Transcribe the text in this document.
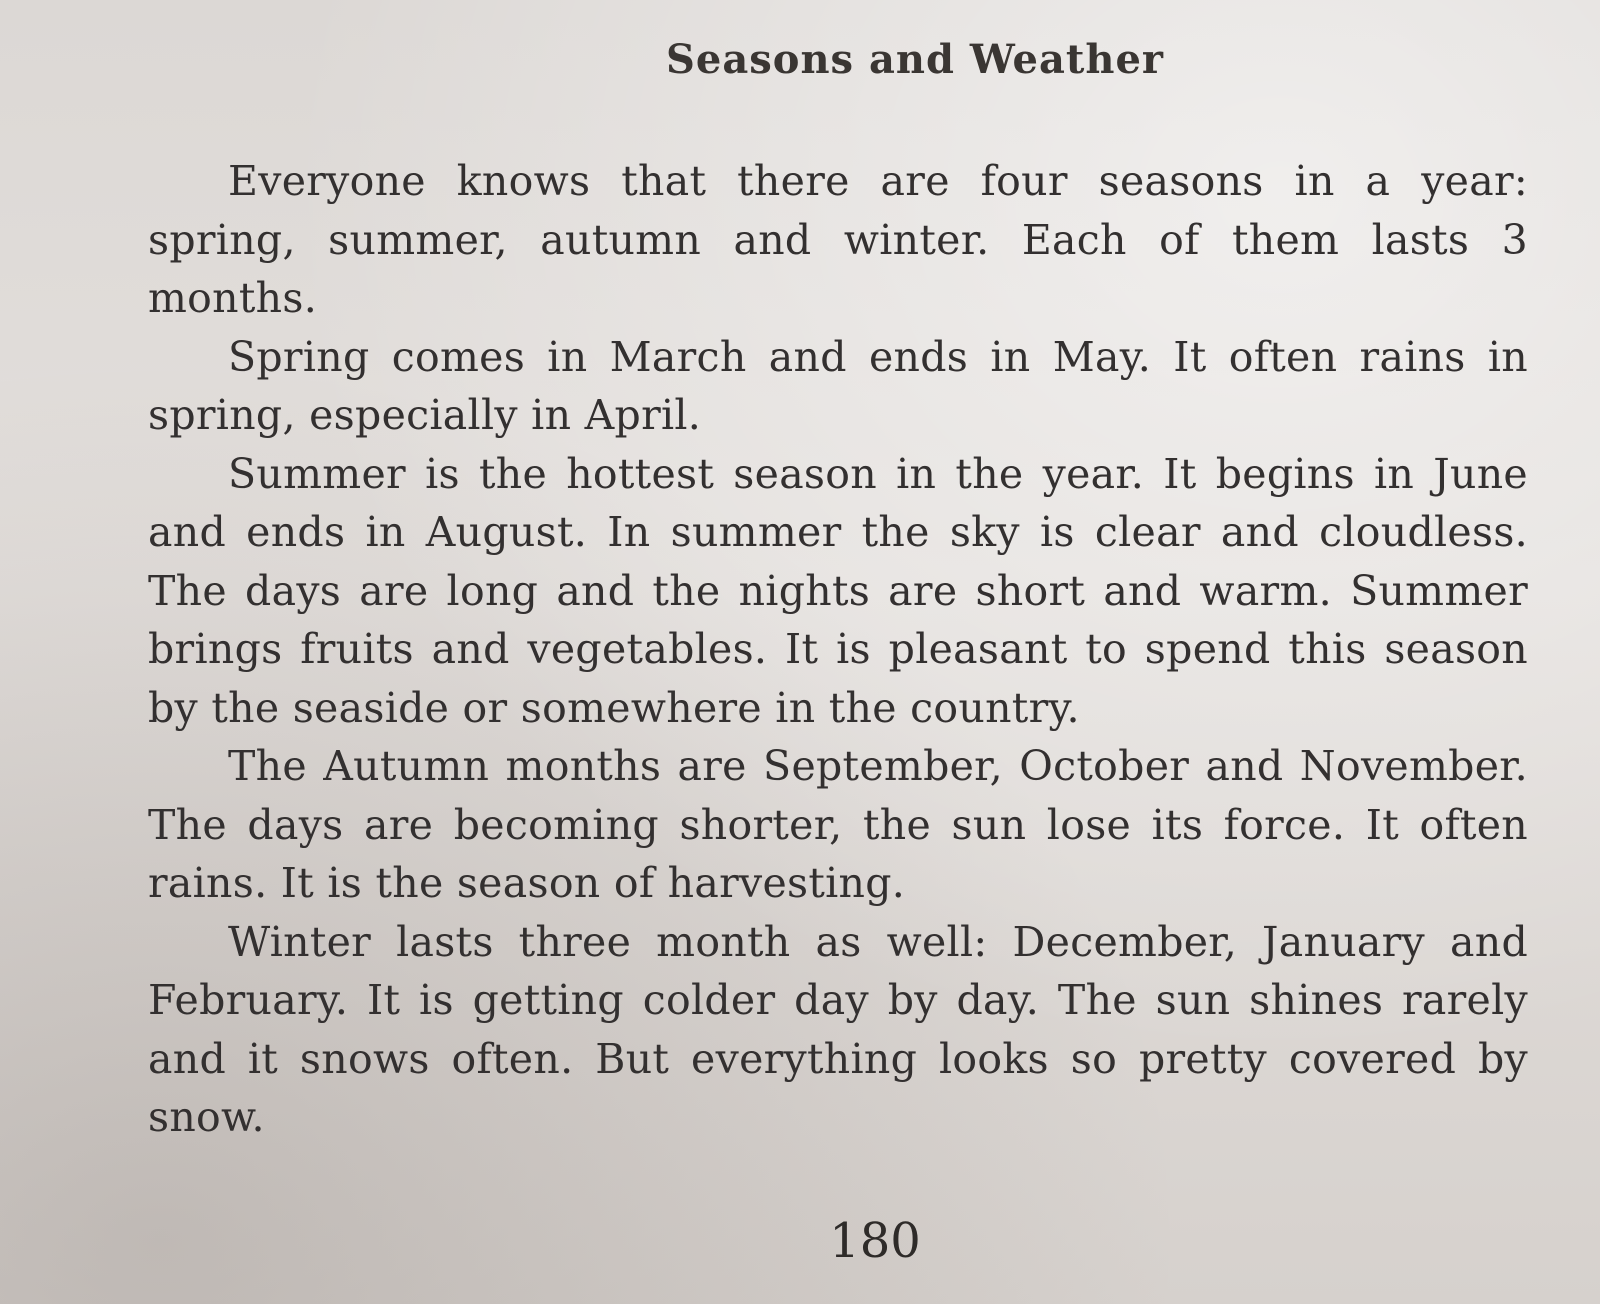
Seasons and Weather

Everyone knows that there are four seasons in a year: spring, summer, autumn and winter. Each of them lasts 3 months.

Spring comes in March and ends in May. It often rains in spring, especially in April.

Summer is the hottest season in the year. It begins in June and ends in August. In summer the sky is clear and cloudless. The days are long and the nights are short and warm. Summer brings fruits and vegetables. It is pleasant to spend this season by the seaside or somewhere in the country.

The Autumn months are September, October and November. The days are becoming shorter, the sun lose its force. It often rains. It is the season of harvesting.

Winter lasts three month as well: December, January and February. It is getting colder day by day. The sun shines rarely and it snows often. But everything looks so pretty covered by snow.

180
